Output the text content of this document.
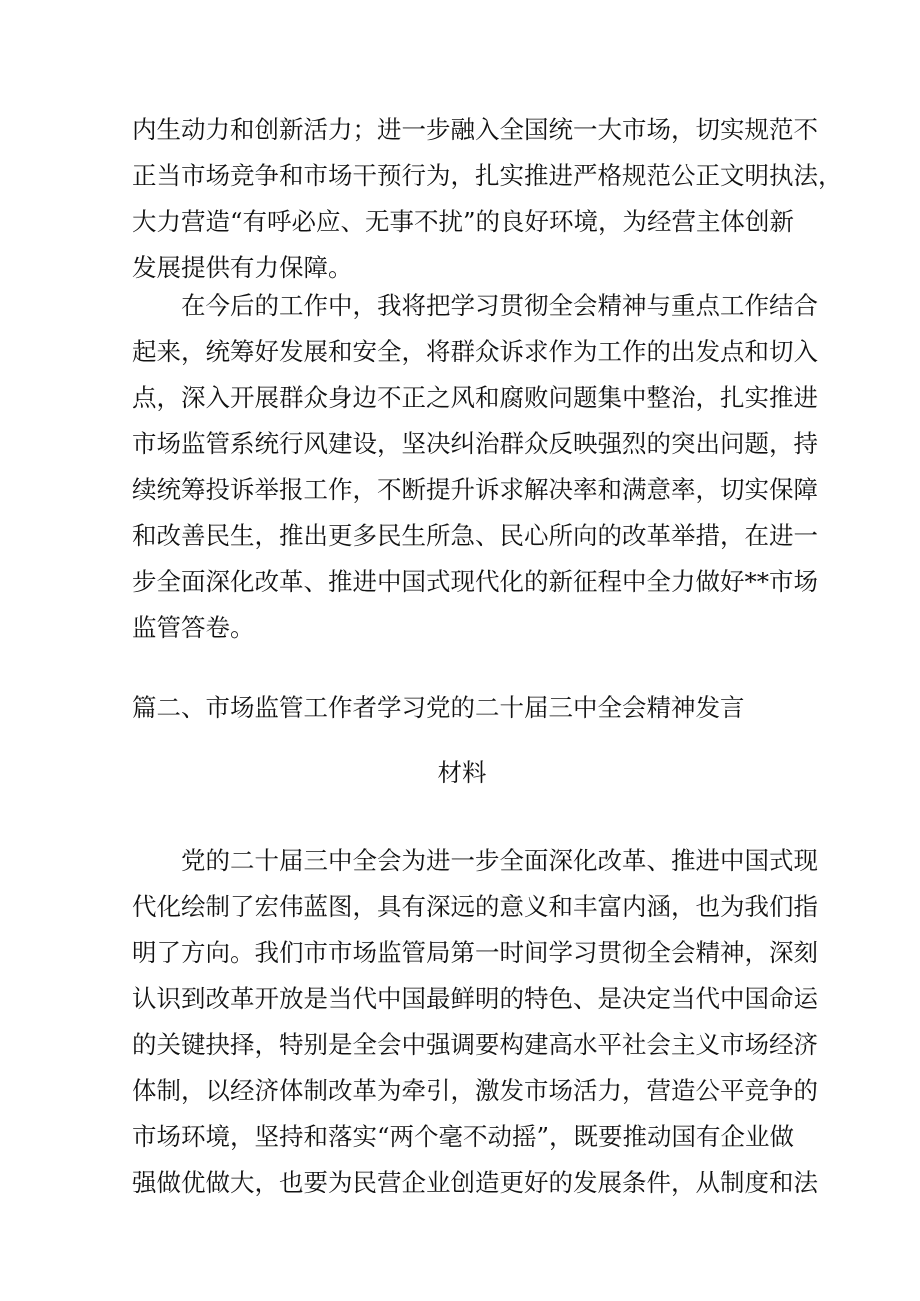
内生动力和创新活力；进一步融入全国统一大市场，切实规范不
正当市场竞争和市场干预行为，扎实推进严格规范公正文明执法，
大力营造“有呼必应、无事不扰”的良好环境，为经营主体创新
发展提供有力保障。
　　在今后的工作中，我将把学习贯彻全会精神与重点工作结合
起来，统筹好发展和安全，将群众诉求作为工作的出发点和切入
点，深入开展群众身边不正之风和腐败问题集中整治，扎实推进
市场监管系统行风建设，坚决纠治群众反映强烈的突出问题，持
续统筹投诉举报工作，不断提升诉求解决率和满意率，切实保障
和改善民生，推出更多民生所急、民心所向的改革举措，在进一
步全面深化改革、推进中国式现代化的新征程中全力做好**市场
监管答卷。
篇二、市场监管工作者学习党的二十届三中全会精神发言
材料
　　党的二十届三中全会为进一步全面深化改革、推进中国式现
代化绘制了宏伟蓝图，具有深远的意义和丰富内涵，也为我们指
明了方向。我们市市场监管局第一时间学习贯彻全会精神，深刻
认识到改革开放是当代中国最鲜明的特色、是决定当代中国命运
的关键抉择，特别是全会中强调要构建高水平社会主义市场经济
体制，以经济体制改革为牵引，激发市场活力，营造公平竞争的
市场环境，坚持和落实“两个毫不动摇”，既要推动国有企业做
强做优做大，也要为民营企业创造更好的发展条件，从制度和法
